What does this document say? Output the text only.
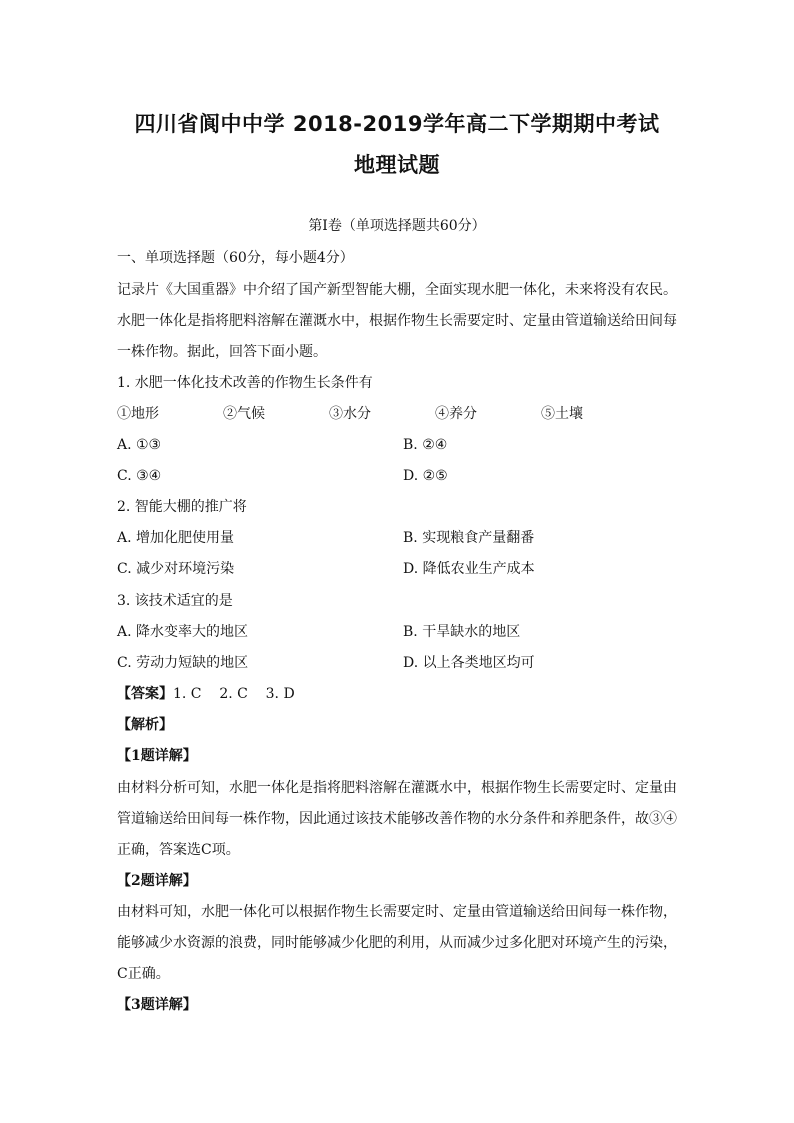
四川省阆中中学 2018-2019学年高二下学期期中考试
地理试题
第Ⅰ卷（单项选择题共60分）
一、单项选择题（60分，每小题4分）
记录片《大国重器》中介绍了国产新型智能大棚，全面实现水肥一体化，未来将没有农民。
水肥一体化是指将肥料溶解在灌溉水中，根据作物生长需要定时、定量由管道输送给田间每
一株作物。据此，回答下面小题。
1. 水肥一体化技术改善的作物生长条件有
①地形	②气候	③水分	④养分	⑤土壤
A. ①③	B. ②④
C. ③④	D. ②⑤
2. 智能大棚的推广将
A. 增加化肥使用量	B. 实现粮食产量翻番
C. 减少对环境污染	D. 降低农业生产成本
3. 该技术适宜的是
A. 降水变率大的地区	B. 干旱缺水的地区
C. 劳动力短缺的地区	D. 以上各类地区均可
【答案】1. C    2. C    3. D
【解析】
【1题详解】
由材料分析可知，水肥一体化是指将肥料溶解在灌溉水中，根据作物生长需要定时、定量由
管道输送给田间每一株作物，因此通过该技术能够改善作物的水分条件和养肥条件，故③④
正确，答案选C项。
【2题详解】
由材料可知，水肥一体化可以根据作物生长需要定时、定量由管道输送给田间每一株作物，
能够减少水资源的浪费，同时能够减少化肥的利用，从而减少过多化肥对环境产生的污染，
C正确。
【3题详解】
